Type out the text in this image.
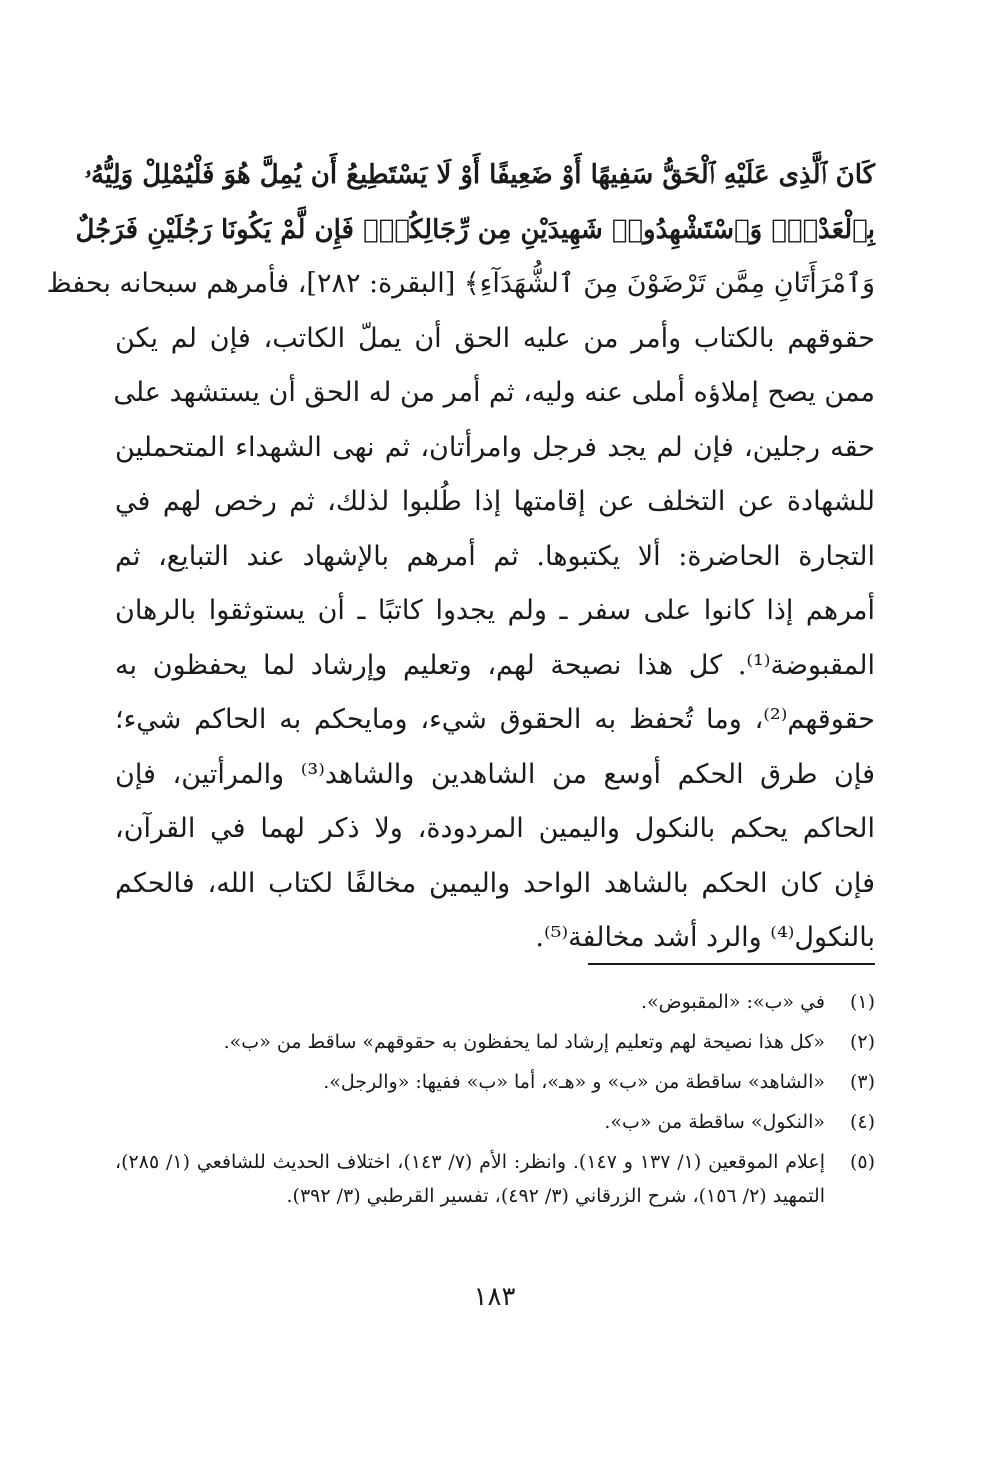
كَانَ ٱلَّذِى عَلَيْهِ ٱلْحَقُّ سَفِيهًا أَوْ ضَعِيفًا أَوْ لَا يَسْتَطِيعُ أَن يُمِلَّ هُوَ فَلْيُمْلِلْ وَلِيُّهُۥ
بِٱلْعَدْلِۚ وَٱسْتَشْهِدُوا۟ شَهِيدَيْنِ مِن رِّجَالِكُمْۖ فَإِن لَّمْ يَكُونَا رَجُلَيْنِ فَرَجُلٌ
وَٱمْرَأَتَانِ مِمَّن تَرْضَوْنَ مِنَ ٱلشُّهَدَآءِ﴾ [البقرة: ٢٨٢]، فأمرهم سبحانه بحفظ
حقوقهم بالكتاب وأمر من عليه الحق أن يملّ الكاتب، فإن لم يكن
ممن يصح إملاؤه أملى عنه وليه، ثم أمر من له الحق أن يستشهد على
حقه رجلين، فإن لم يجد فرجل وامرأتان، ثم نهى الشهداء المتحملين
للشهادة عن التخلف عن إقامتها إذا طُلبوا لذلك، ثم رخص لهم في
التجارة الحاضرة: ألا يكتبوها. ثم أمرهم بالإشهاد عند التبايع، ثم
أمرهم إذا كانوا على سفر ـ ولم يجدوا كاتبًا ـ أن يستوثقوا بالرهان
المقبوضة⁽¹⁾. كل هذا نصيحة لهم، وتعليم وإرشاد لما يحفظون به
حقوقهم⁽²⁾، وما تُحفظ به الحقوق شيء، ومايحكم به الحاكم شيء؛
فإن طرق الحكم أوسع من الشاهدين والشاهد⁽³⁾ والمرأتين، فإن
الحاكم يحكم بالنكول واليمين المردودة، ولا ذكر لهما في القرآن،
فإن كان الحكم بالشاهد الواحد واليمين مخالفًا لكتاب الله، فالحكم
بالنكول⁽⁴⁾ والرد أشد مخالفة⁽⁵⁾.
(١)
في «ب»: «المقبوض».
(٢)
«كل هذا نصيحة لهم وتعليم إرشاد لما يحفظون به حقوقهم» ساقط من «ب».
(٣)
«الشاهد» ساقطة من «ب» و «هـ»، أما «ب» ففيها: «والرجل».
(٤)
«النكول» ساقطة من «ب».
(٥)
إعلام الموقعين (١/ ١٣٧ و ١٤٧). وانظر: الأم (٧/ ١٤٣)، اختلاف الحديث للشافعي (١/ ٢٨٥)، التمهيد (٢/ ١٥٦)، شرح الزرقاني (٣/ ٤٩٢)، تفسير القرطبي (٣/ ٣٩٢).
١٨٣
